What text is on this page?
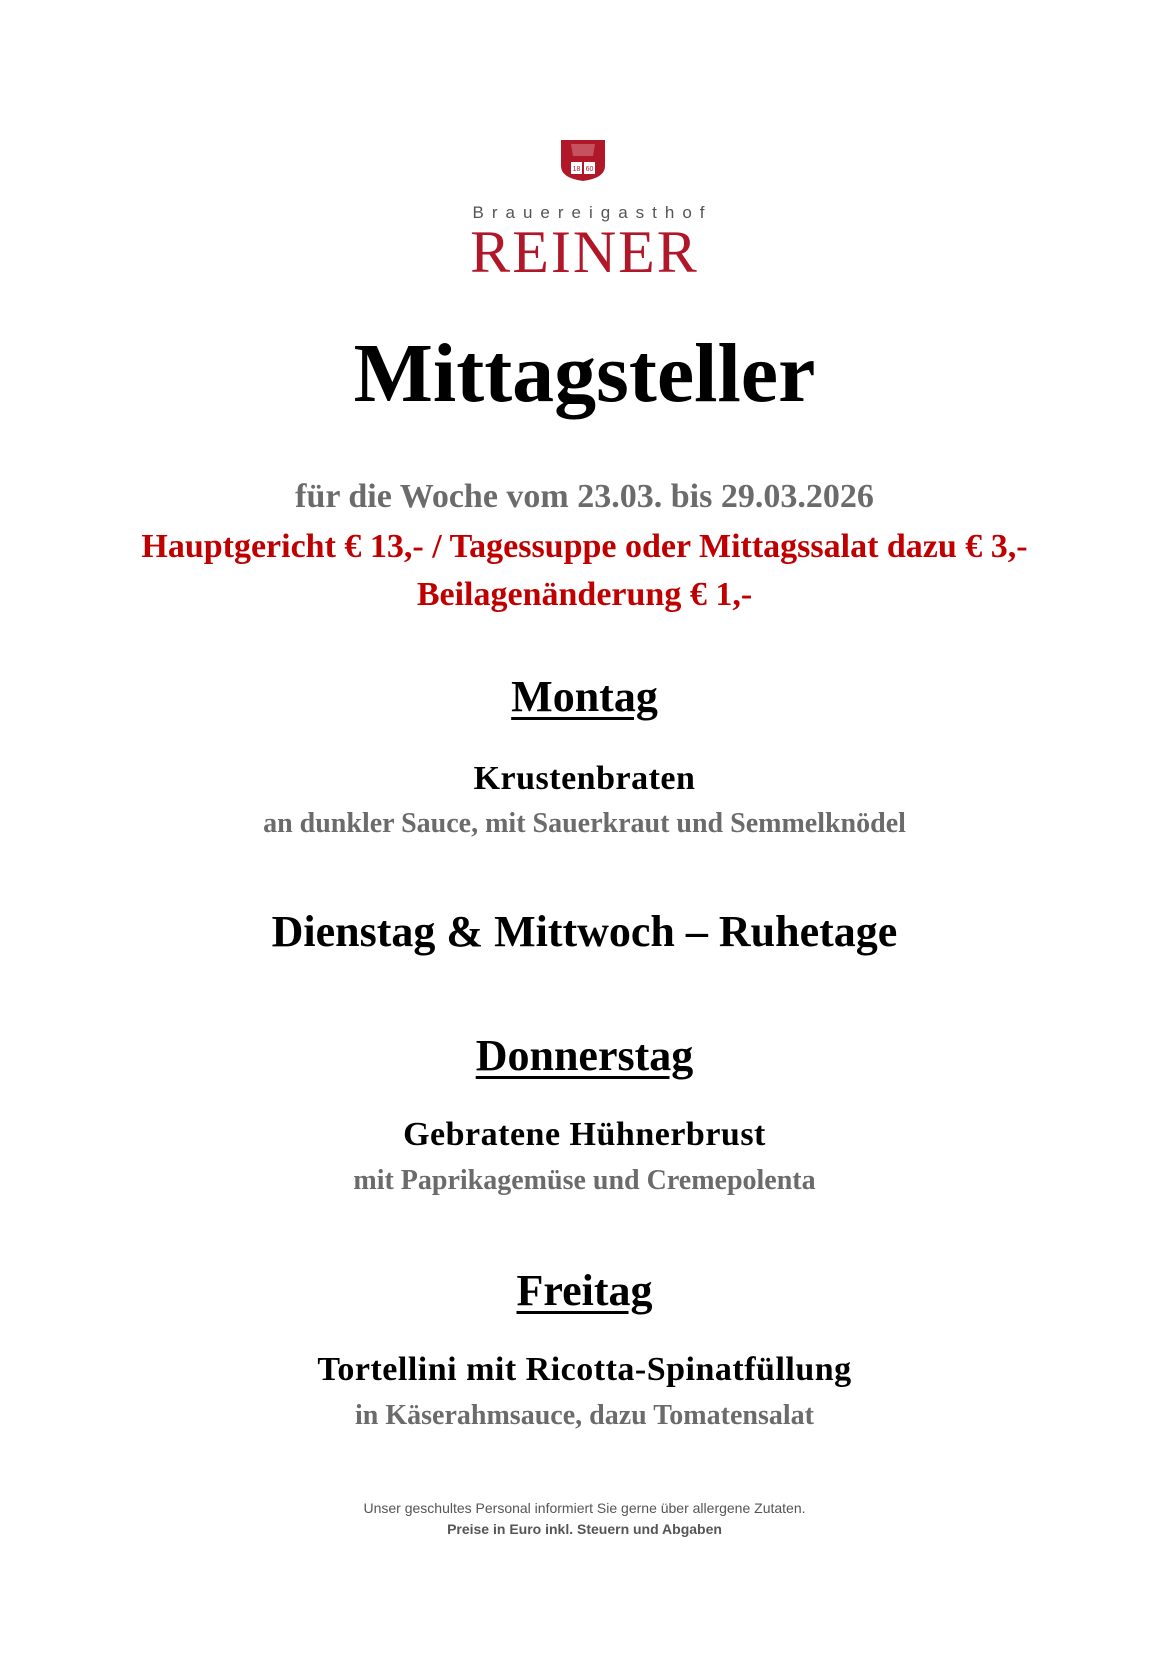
18 60
Brauereigasthof
REINER
Mittagsteller
für die Woche vom 23.03. bis 29.03.2026
Hauptgericht € 13,- / Tagessuppe oder Mittagssalat dazu € 3,-
Beilagenänderung € 1,-
Montag
Krustenbraten
an dunkler Sauce, mit Sauerkraut und Semmelknödel
Dienstag & Mittwoch – Ruhetage
Donnerstag
Gebratene Hühnerbrust
mit Paprikagemüse und Cremepolenta
Freitag
Tortellini mit Ricotta-Spinatfüllung
in Käserahmsauce, dazu Tomatensalat
Unser geschultes Personal informiert Sie gerne über allergene Zutaten.
Preise in Euro inkl. Steuern und Abgaben
